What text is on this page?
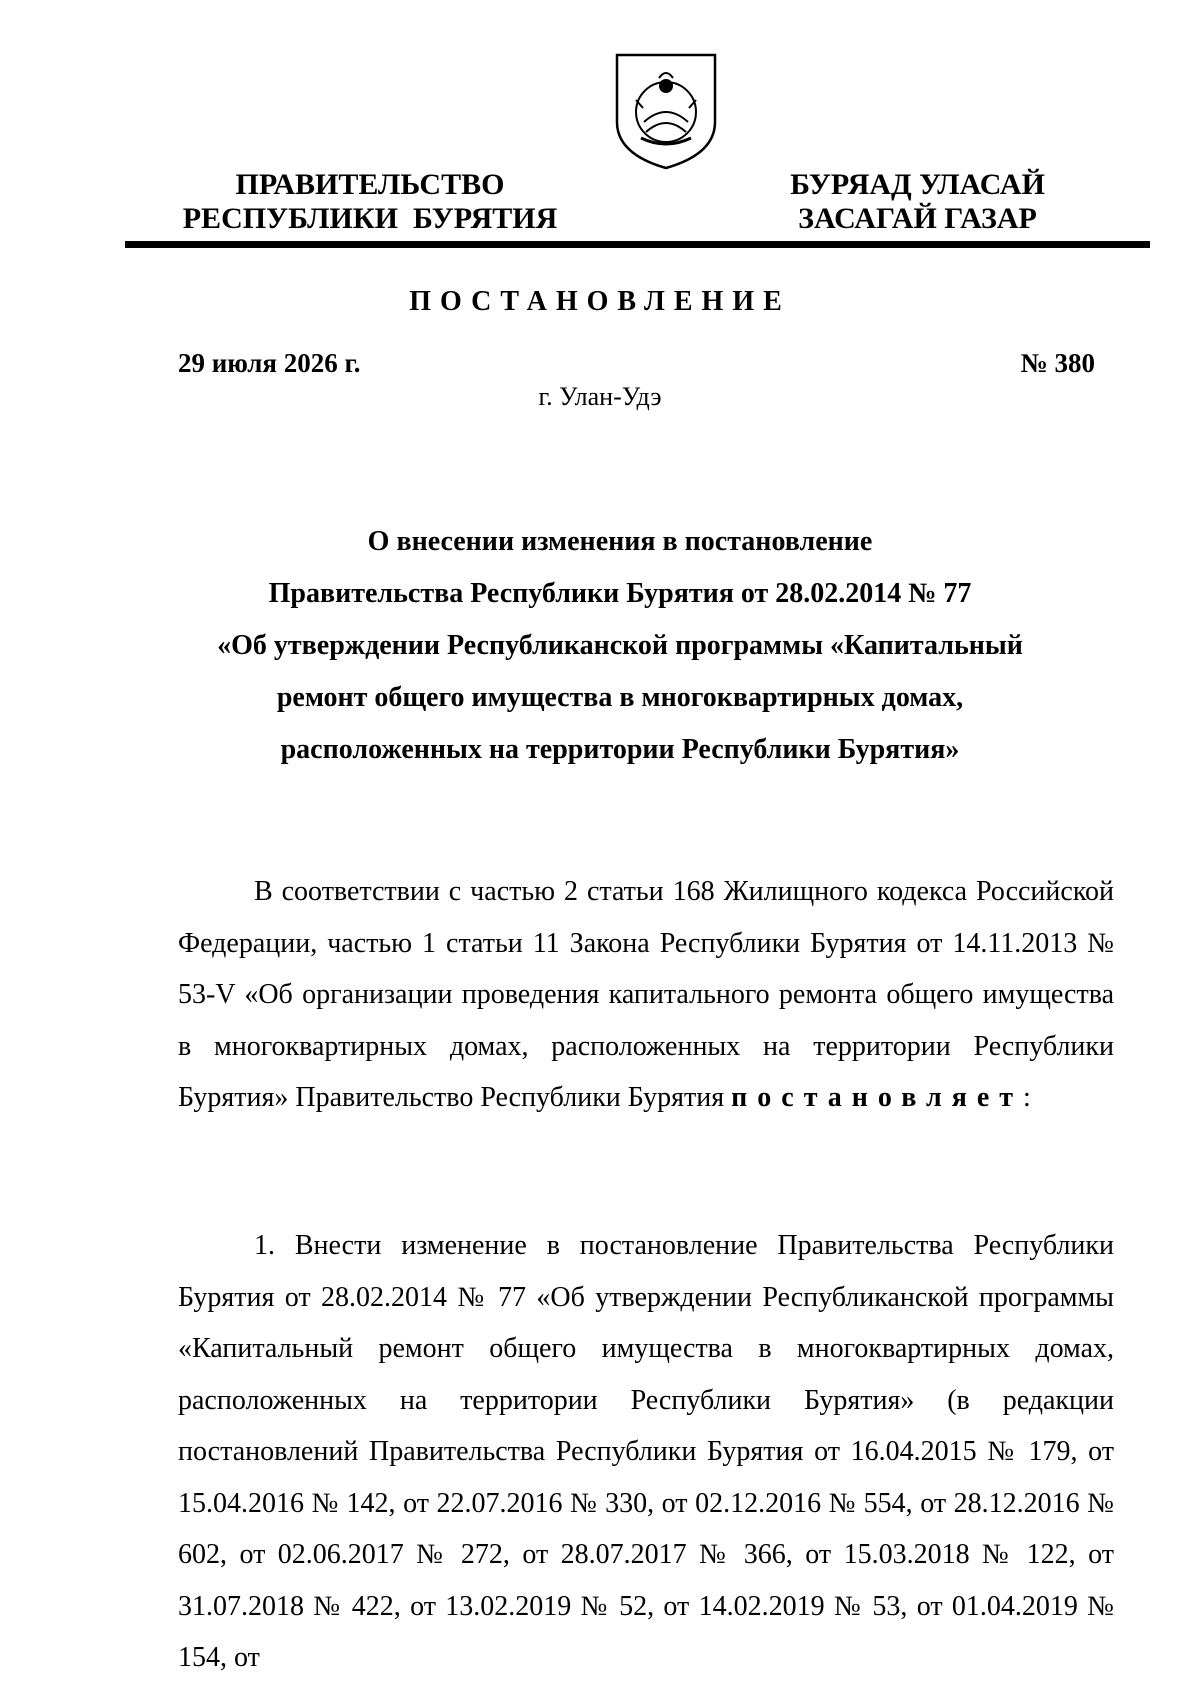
ПРАВИТЕЛЬСТВО
РЕСПУБЛИКИ  БУРЯТИЯ
БУРЯАД УЛАСАЙ
ЗАСАГАЙ ГАЗАР
ПОСТАНОВЛЕНИЕ
29 июля 2026 г.	№ 380
г. Улан-Удэ
О внесении изменения в постановление
Правительства Республики Бурятия от 28.02.2014 № 77
«Об утверждении Республиканской программы «Капитальный
ремонт общего имущества в многоквартирных домах,
расположенных на территории Республики Бурятия»
В соответствии с частью 2 статьи 168 Жилищного кодекса Российской Федерации, частью 1 статьи 11 Закона Республики Бурятия от 14.11.2013 № 53-V «Об организации проведения капитального ремонта общего имущества в многоквартирных домах, расположенных на территории Республики Бурятия» Правительство Республики Бурятия постановляет:
1. Внести изменение в постановление Правительства Республики Бурятия от 28.02.2014 № 77 «Об утверждении Республиканской программы «Капитальный ремонт общего имущества в многоквартирных домах, расположенных на территории Республики Бурятия» (в редакции постановлений Правительства Республики Бурятия от 16.04.2015 № 179, от 15.04.2016 № 142, от 22.07.2016 № 330, от 02.12.2016 № 554, от 28.12.2016 № 602, от 02.06.2017 № 272, от 28.07.2017 № 366, от 15.03.2018 № 122, от 31.07.2018 № 422, от 13.02.2019 № 52, от 14.02.2019 № 53, от 01.04.2019 № 154, от
